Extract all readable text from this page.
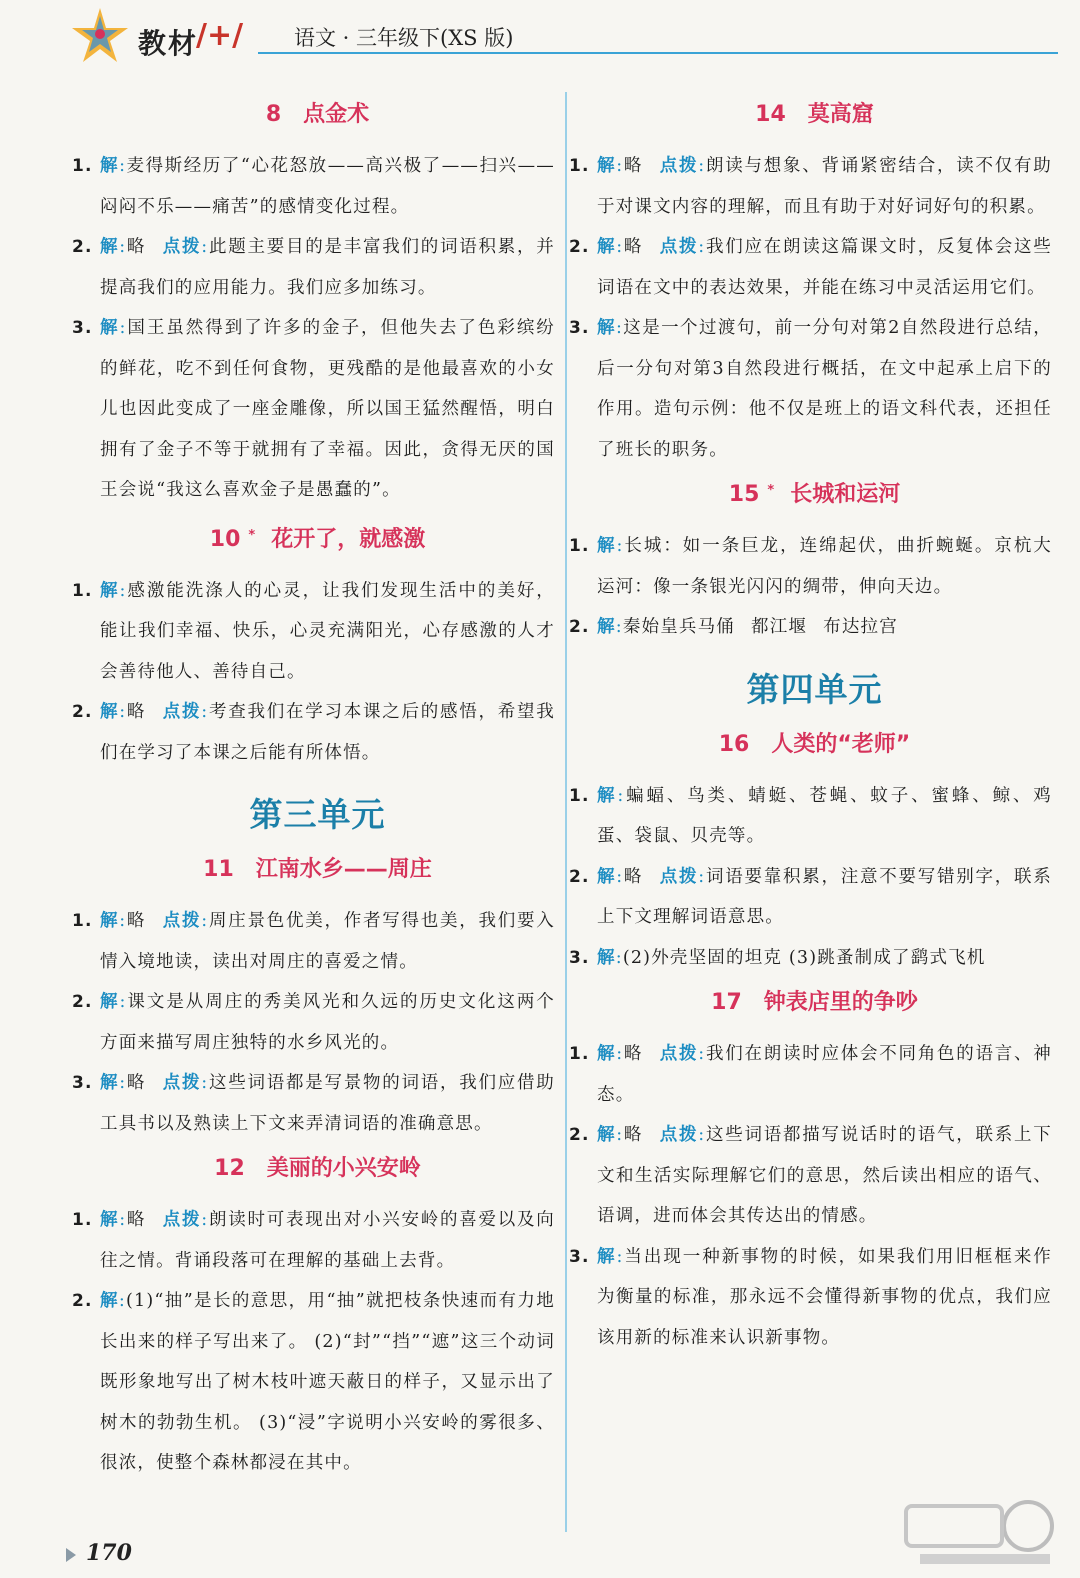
教材
/+/ 语文 · 三年级下(XS 版)
8 点金术
1. 解:麦得斯经历了“心花怒放——高兴极了——扫兴——闷闷不乐——痛苦”的感情变化过程。
2. 解:略 点拨:此题主要目的是丰富我们的词语积累，并提高我们的应用能力。我们应多加练习。
3. 解:国王虽然得到了许多的金子，但他失去了色彩缤纷的鲜花，吃不到任何食物，更残酷的是他最喜欢的小女儿也因此变成了一座金雕像，所以国王猛然醒悟，明白拥有了金子不等于就拥有了幸福。因此，贪得无厌的国王会说“我这么喜欢金子是愚蠢的”。
10 * 花开了，就感激
1. 解:感激能洗涤人的心灵，让我们发现生活中的美好，能让我们幸福、快乐，心灵充满阳光，心存感激的人才会善待他人、善待自己。
2. 解:略 点拨:考查我们在学习本课之后的感悟，希望我们在学习了本课之后能有所体悟。
第三单元
11 江南水乡——周庄
1. 解:略 点拨:周庄景色优美，作者写得也美，我们要入情入境地读，读出对周庄的喜爱之情。
2. 解:课文是从周庄的秀美风光和久远的历史文化这两个方面来描写周庄独特的水乡风光的。
3. 解:略 点拨:这些词语都是写景物的词语，我们应借助工具书以及熟读上下文来弄清词语的准确意思。
12 美丽的小兴安岭
1. 解:略 点拨:朗读时可表现出对小兴安岭的喜爱以及向往之情。背诵段落可在理解的基础上去背。
2. 解:(1)“抽”是长的意思，用“抽”就把枝条快速而有力地长出来的样子写出来了。 (2)“封”“挡”“遮”这三个动词既形象地写出了树木枝叶遮天蔽日的样子，又显示出了树木的勃勃生机。 (3)“浸”字说明小兴安岭的雾很多、很浓，使整个森林都浸在其中。
14 莫高窟
1. 解:略 点拨:朗读与想象、背诵紧密结合，读不仅有助于对课文内容的理解，而且有助于对好词好句的积累。
2. 解:略 点拨:我们应在朗读这篇课文时，反复体会这些词语在文中的表达效果，并能在练习中灵活运用它们。
3. 解:这是一个过渡句，前一分句对第2自然段进行总结，后一分句对第3自然段进行概括，在文中起承上启下的作用。造句示例：他不仅是班上的语文科代表，还担任了班长的职务。
15 * 长城和运河
1. 解:长城：如一条巨龙，连绵起伏，曲折蜿蜒。京杭大运河：像一条银光闪闪的绸带，伸向天边。
2. 解:秦始皇兵马俑 都江堰 布达拉宫
第四单元
16 人类的“老师”
1. 解:蝙蝠、鸟类、蜻蜓、苍蝇、蚊子、蜜蜂、鲸、鸡蛋、袋鼠、贝壳等。
2. 解:略 点拨:词语要靠积累，注意不要写错别字，联系上下文理解词语意思。
3. 解:(2)外壳坚固的坦克 (3)跳蚤制成了鹞式飞机
17 钟表店里的争吵
1. 解:略 点拨:我们在朗读时应体会不同角色的语言、神态。
2. 解:略 点拨:这些词语都描写说话时的语气，联系上下文和生活实际理解它们的意思，然后读出相应的语气、语调，进而体会其传达出的情感。
3. 解:当出现一种新事物的时候，如果我们用旧框框来作为衡量的标准，那永远不会懂得新事物的优点，我们应该用新的标准来认识新事物。
170
